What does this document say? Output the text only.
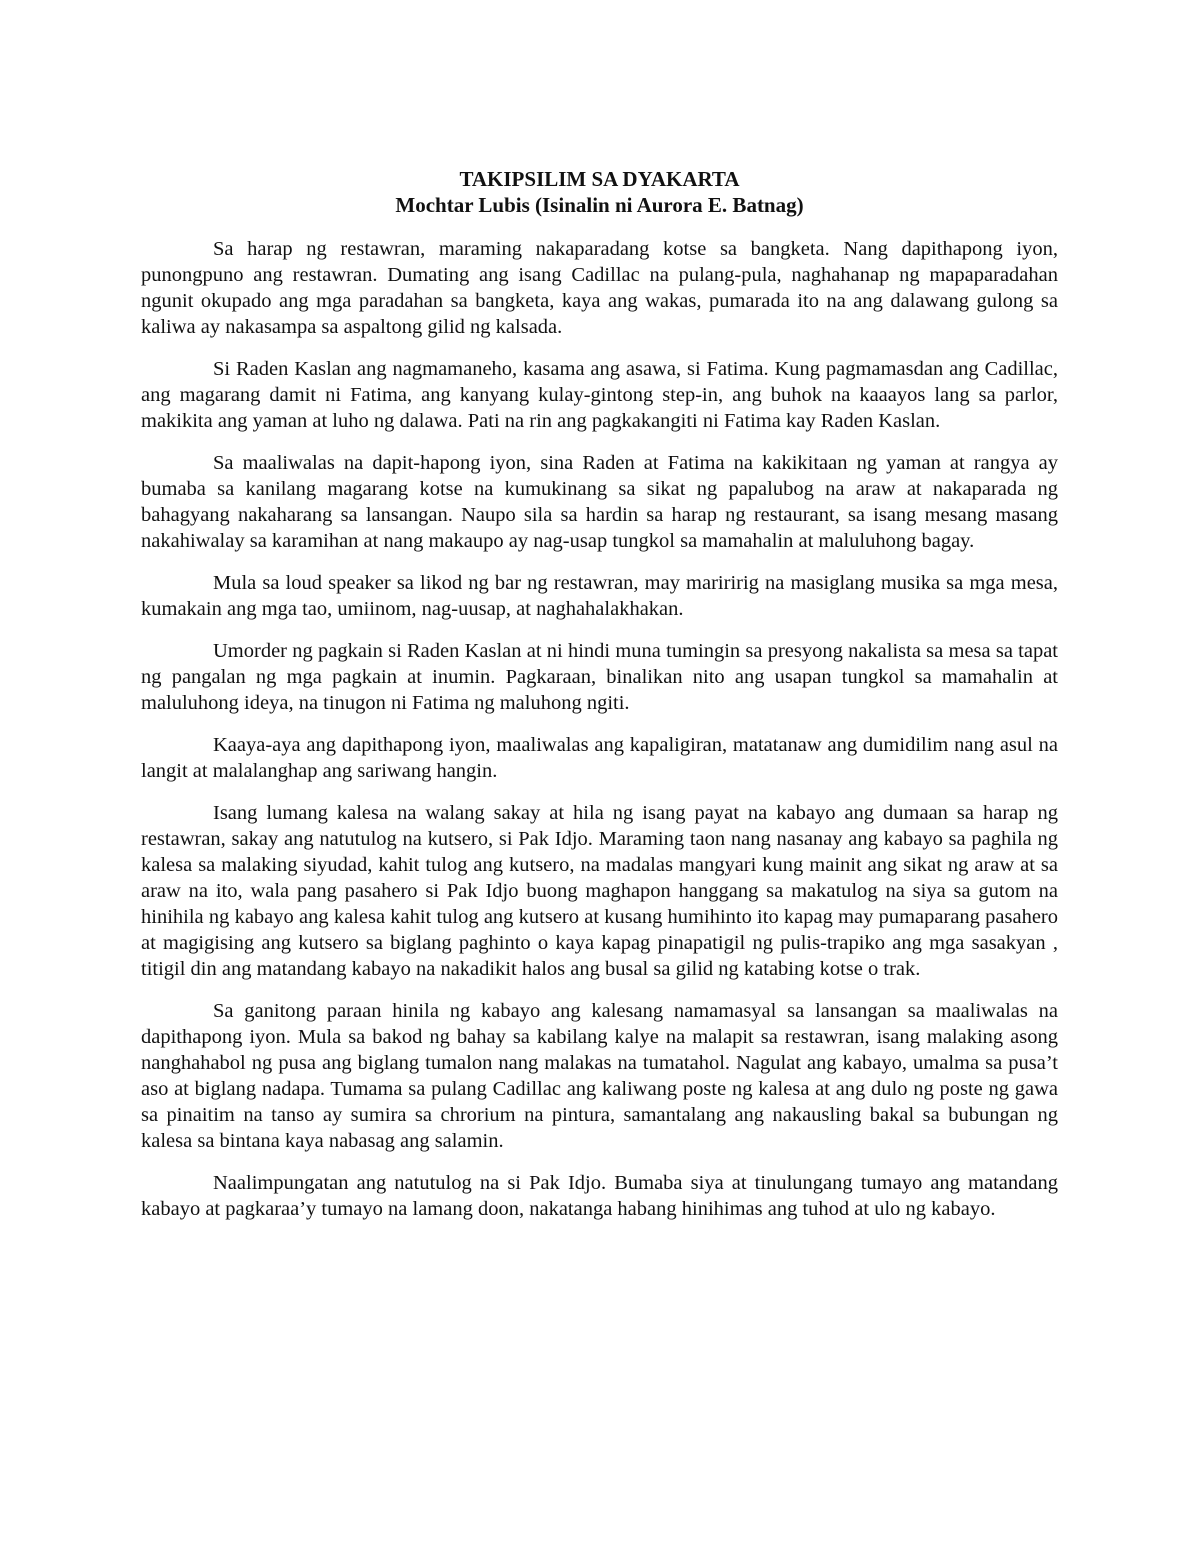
TAKIPSILIM SA DYAKARTA
Mochtar Lubis (Isinalin ni Aurora E. Batnag)

Sa harap ng restawran, maraming nakaparadang kotse sa bangketa. Nang dapithapong iyon, punongpuno ang restawran. Dumating ang isang Cadillac na pulang-pula, naghahanap ng mapaparadahan ngunit okupado ang mga paradahan sa bangketa, kaya ang wakas, pumarada ito na ang dalawang gulong sa kaliwa ay nakasampa sa aspaltong gilid ng kalsada.

Si Raden Kaslan ang nagmamaneho, kasama ang asawa, si Fatima. Kung pagmamasdan ang Cadillac, ang magarang damit ni Fatima, ang kanyang kulay-gintong step-in, ang buhok na kaaayos lang sa parlor, makikita ang yaman at luho ng dalawa. Pati na rin ang pagkakangiti ni Fatima kay Raden Kaslan.

Sa maaliwalas na dapit-hapong iyon, sina Raden at Fatima na kakikitaan ng yaman at rangya ay bumaba sa kanilang magarang kotse na kumukinang sa sikat ng papalubog na araw at nakaparada ng bahagyang nakaharang sa lansangan. Naupo sila sa hardin sa harap ng restaurant, sa isang mesang masang nakahiwalay sa karamihan at nang makaupo ay nag-usap tungkol sa mamahalin at maluluhong bagay.

Mula sa loud speaker sa likod ng bar ng restawran, may mariririg na masiglang musika sa mga mesa, kumakain ang mga tao, umiinom, nag-uusap, at naghahalakhakan.

Umorder ng pagkain si Raden Kaslan at ni hindi muna tumingin sa presyong nakalista sa mesa sa tapat ng pangalan ng mga pagkain at inumin. Pagkaraan, binalikan nito ang usapan tungkol sa mamahalin at maluluhong ideya, na tinugon ni Fatima ng maluhong ngiti.

Kaaya-aya ang dapithapong iyon, maaliwalas ang kapaligiran, matatanaw ang dumidilim nang asul na langit at malalanghap ang sariwang hangin.

Isang lumang kalesa na walang sakay at hila ng isang payat na kabayo ang dumaan sa harap ng restawran, sakay ang natutulog na kutsero, si Pak Idjo. Maraming taon nang nasanay ang kabayo sa paghila ng kalesa sa malaking siyudad, kahit tulog ang kutsero, na madalas mangyari kung mainit ang sikat ng araw at sa araw na ito, wala pang pasahero si Pak Idjo buong maghapon hanggang sa makatulog na siya sa gutom na hinihila ng kabayo ang kalesa kahit tulog ang kutsero at kusang humihinto ito kapag may pumaparang pasahero at magigising ang kutsero sa biglang paghinto o kaya kapag pinapatigil ng pulis-trapiko ang mga sasakyan , titigil din ang matandang kabayo na nakadikit halos ang busal sa gilid ng katabing kotse o trak.

Sa ganitong paraan hinila ng kabayo ang kalesang namamasyal sa lansangan sa maaliwalas na dapithapong iyon. Mula sa bakod ng bahay sa kabilang kalye na malapit sa restawran, isang malaking asong nanghahabol ng pusa ang biglang tumalon nang malakas na tumatahol. Nagulat ang kabayo, umalma sa pusa’t aso at biglang nadapa. Tumama sa pulang Cadillac ang kaliwang poste ng kalesa at ang dulo ng poste ng gawa sa pinaitim na tanso ay sumira sa chrorium na pintura, samantalang ang nakausling bakal sa bubungan ng kalesa sa bintana kaya nabasag ang salamin.

Naalimpungatan ang natutulog na si Pak Idjo. Bumaba siya at tinulungang tumayo ang matandang kabayo at pagkaraa’y tumayo na lamang doon, nakatanga habang hinihimas ang tuhod at ulo ng kabayo.
